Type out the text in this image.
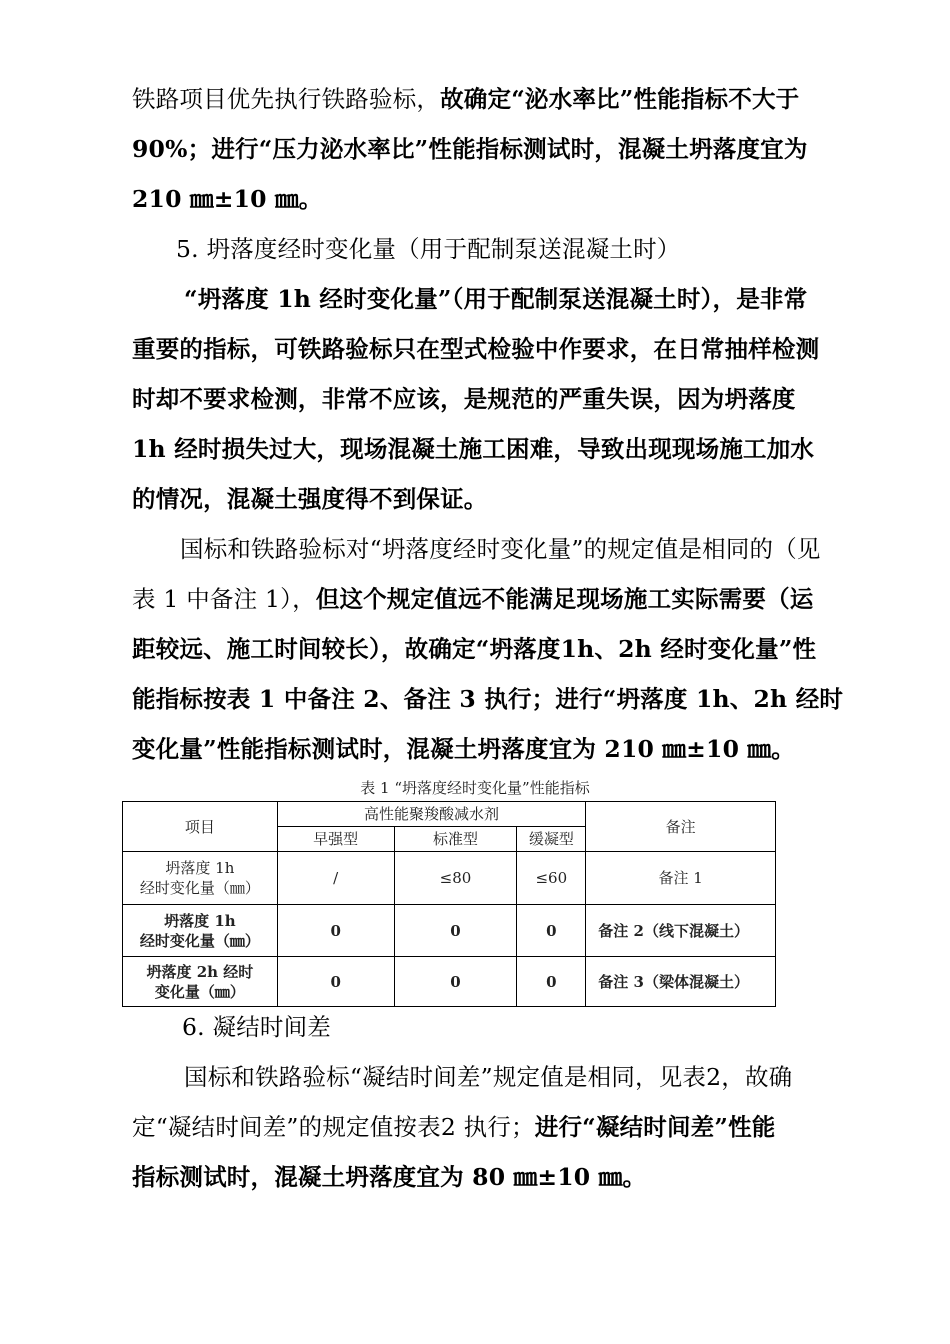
铁路项目优先执行铁路验标，故确定“泌水率比”性能指标不大于
90%；进行“压力泌水率比”性能指标测试时，混凝土坍落度宜为
210 ㎜±10 ㎜。
5. 坍落度经时变化量（用于配制泵送混凝土时）
“坍落度 1h 经时变化量”（用于配制泵送混凝土时），是非常
重要的指标，可铁路验标只在型式检验中作要求，在日常抽样检测
时却不要求检测，非常不应该，是规范的严重失误，因为坍落度
1h 经时损失过大，现场混凝土施工困难，导致出现现场施工加水
的情况，混凝土强度得不到保证。
国标和铁路验标对“坍落度经时变化量”的规定值是相同的（见
表 1 中备注 1），但这个规定值远不能满足现场施工实际需要（运
距较远、施工时间较长），故确定“坍落度1h、2h 经时变化量”性
能指标按表 1 中备注 2、备注 3 执行；进行“坍落度 1h、2h 经时
变化量”性能指标测试时，混凝土坍落度宜为 210 ㎜±10 ㎜。
表 1 “坍落度经时变化量”性能指标
项目	高性能聚羧酸减水剂			备注
	早强型	标准型	缓凝型	

坍落度 1h
经时变化量（㎜）	/	≤80	≤60	备注 1

坍落度 1h
经时变化量（㎜）	0	0	0	备注 2（线下混凝土）

坍落度 2h 经时
变化量（㎜）	0	0	0	备注 3（梁体混凝土）
6. 凝结时间差
国标和铁路验标“凝结时间差”规定值是相同，见表2，故确
定“凝结时间差”的规定值按表2 执行；进行“凝结时间差”性能
指标测试时，混凝土坍落度宜为 80 ㎜±10 ㎜。
